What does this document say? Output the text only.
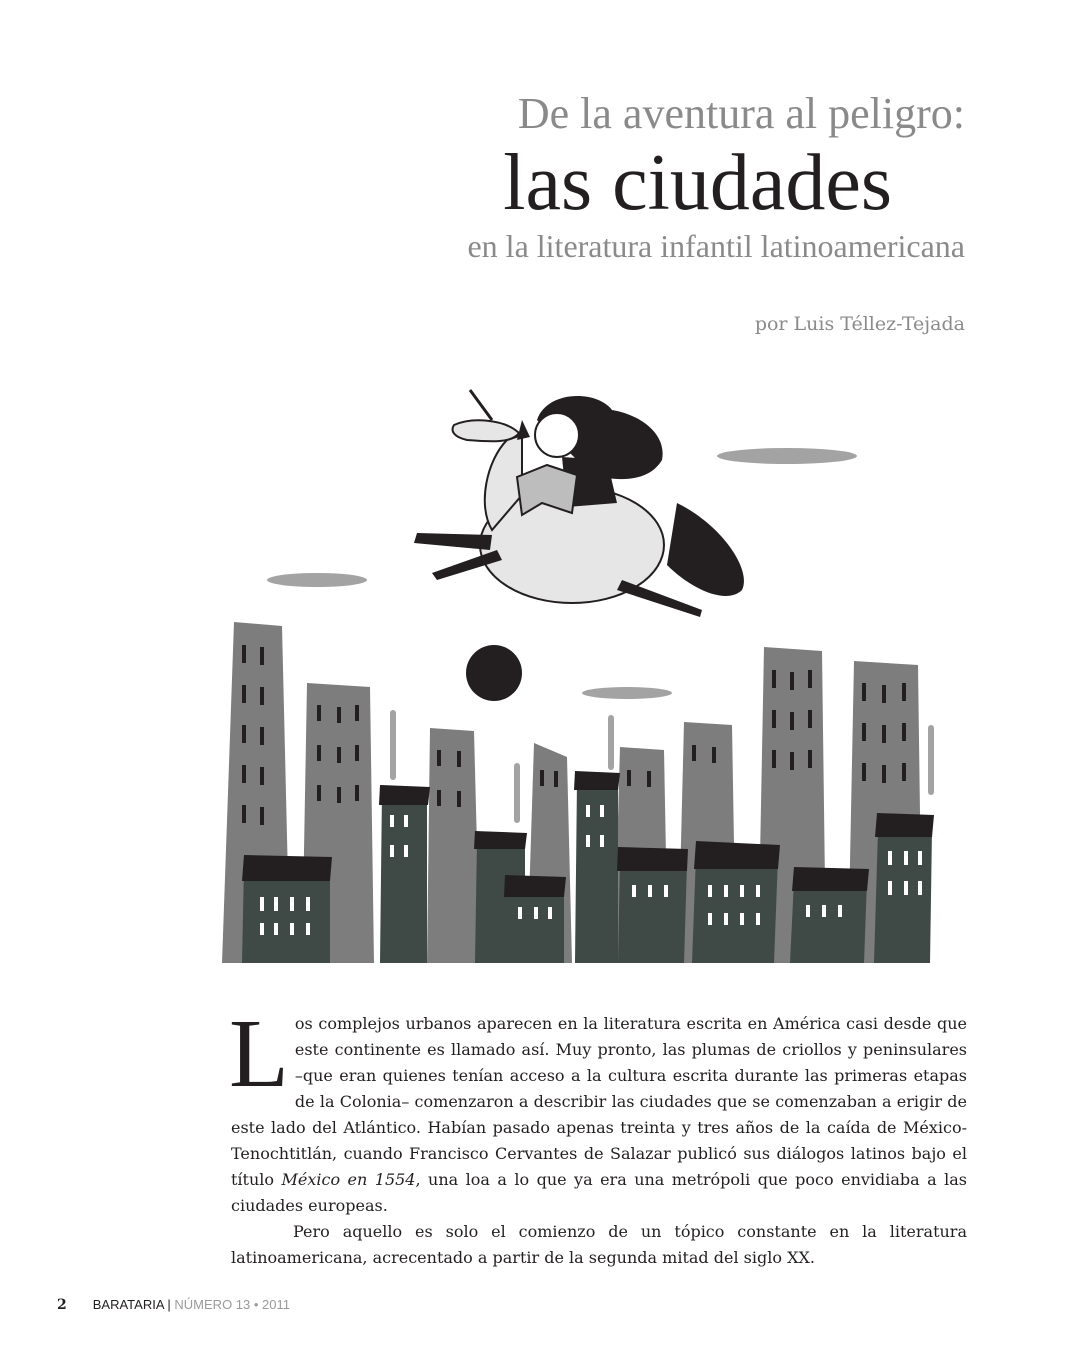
De la aventura al peligro:

las ciudades

en la literatura infantil latinoamericana

por Luis Téllez-Tejada

Los complejos urbanos aparecen en la literatura escrita en América casi desde que este continente es llamado así. Muy pronto, las plumas de criollos y peninsulares –que eran quienes tenían acceso a la cultura escrita durante las primeras etapas de la Colonia– comenzaron a describir las ciudades que se comenzaban a erigir de este lado del Atlántico. Habían pasado apenas treinta y tres años de la caída de México-Tenochtitlán, cuando Francisco Cervantes de Salazar publicó sus diálogos latinos bajo el título México en 1554, una loa a lo que ya era una metrópoli que poco envidiaba a las ciudades europeas.

Pero aquello es solo el comienzo de un tópico constante en la literatura latinoamericana, acrecentado a partir de la segunda mitad del siglo XX.

2 BARATARIA | NÚMERO 13 • 2011
